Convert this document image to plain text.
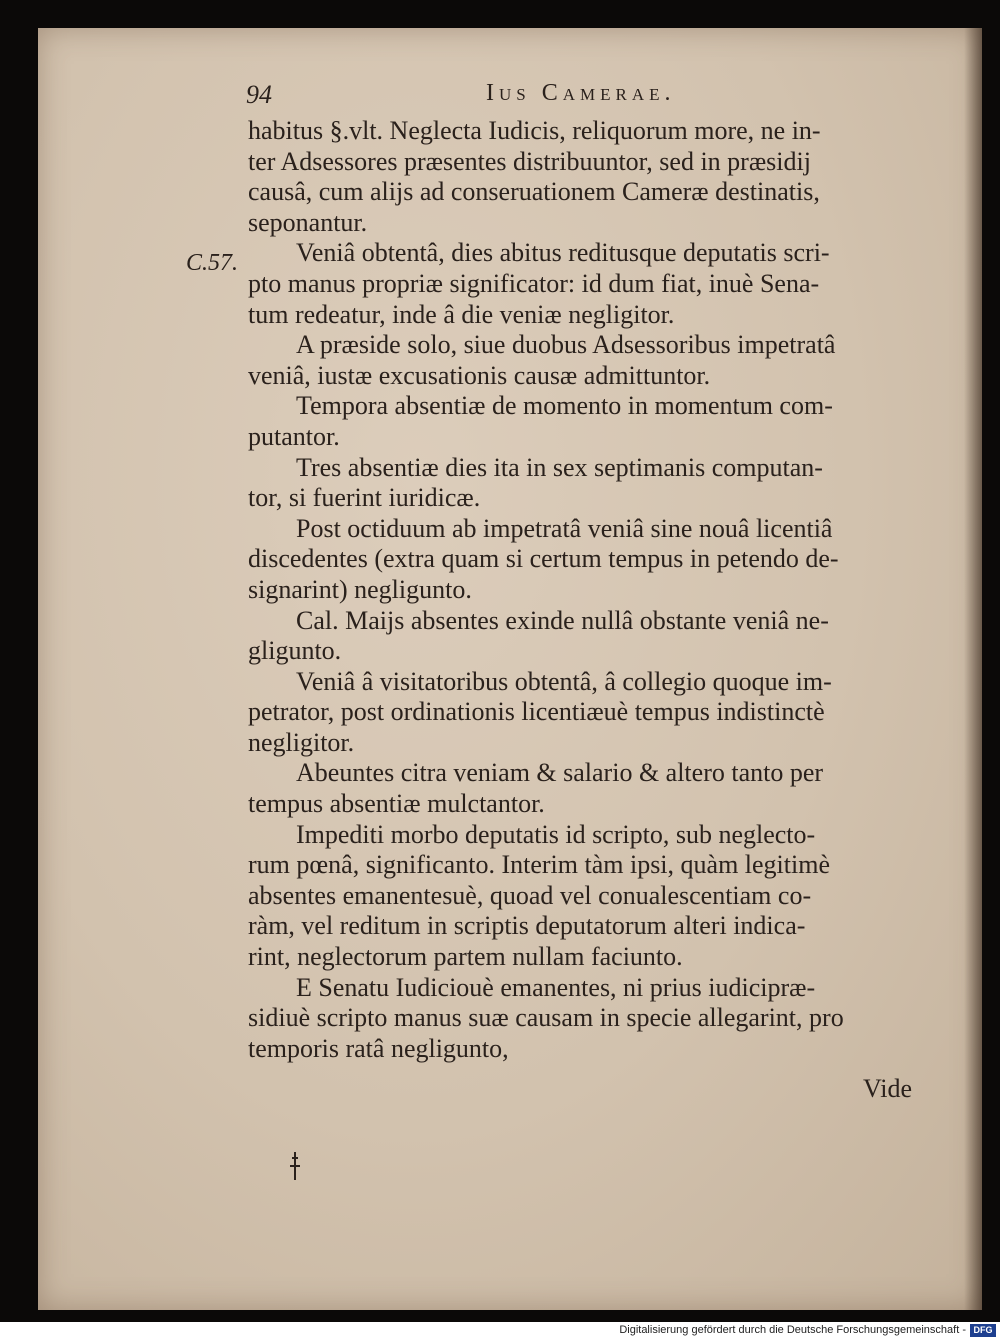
94	Ius Camerae.
C.57.
habitus §.vlt. Neglecta Iudicis, reliquorum more, ne in-
ter Adsessores præsentes distribuuntor, sed in præsidij
causâ, cum alijs ad conseruationem Cameræ destinatis,
seponantur.
Veniâ obtentâ, dies abitus reditusque deputatis scri-
pto manus propriæ significator: id dum fiat, inuè Sena-
tum redeatur, inde â die veniæ negligitor.
A præside solo, siue duobus Adsessoribus impetratâ
veniâ, iustæ excusationis causæ admittuntor.
Tempora absentiæ de momento in momentum com-
putantor.
Tres absentiæ dies ita in sex septimanis computan-
tor, si fuerint iuridicæ.
Post octiduum ab impetratâ veniâ sine nouâ licentiâ
discedentes (extra quam si certum tempus in petendo de-
signarint) negligunto.
Cal. Maijs absentes exinde nullâ obstante veniâ ne-
gligunto.
Veniâ â visitatoribus obtentâ, â collegio quoque im-
petrator, post ordinationis licentiæuè tempus indistinctè
negligitor.
Abeuntes citra veniam & salario & altero tanto per
tempus absentiæ mulctantor.
Impediti morbo deputatis id scripto, sub neglecto-
rum pœnâ, significanto. Interim tàm ipsi, quàm legitimè
absentes emanentesuè, quoad vel conualescentiam co-
ràm, vel reditum in scriptis deputatorum alteri indica-
rint, neglectorum partem nullam faciunto.
E Senatu Iudiciouè emanentes, ni prius iudicipræ-
sidiuè scripto manus suæ causam in specie allegarint, pro
temporis ratâ negligunto,
Vide
Digitalisierung gefördert durch die Deutsche Forschungsgemeinschaft - DFG
